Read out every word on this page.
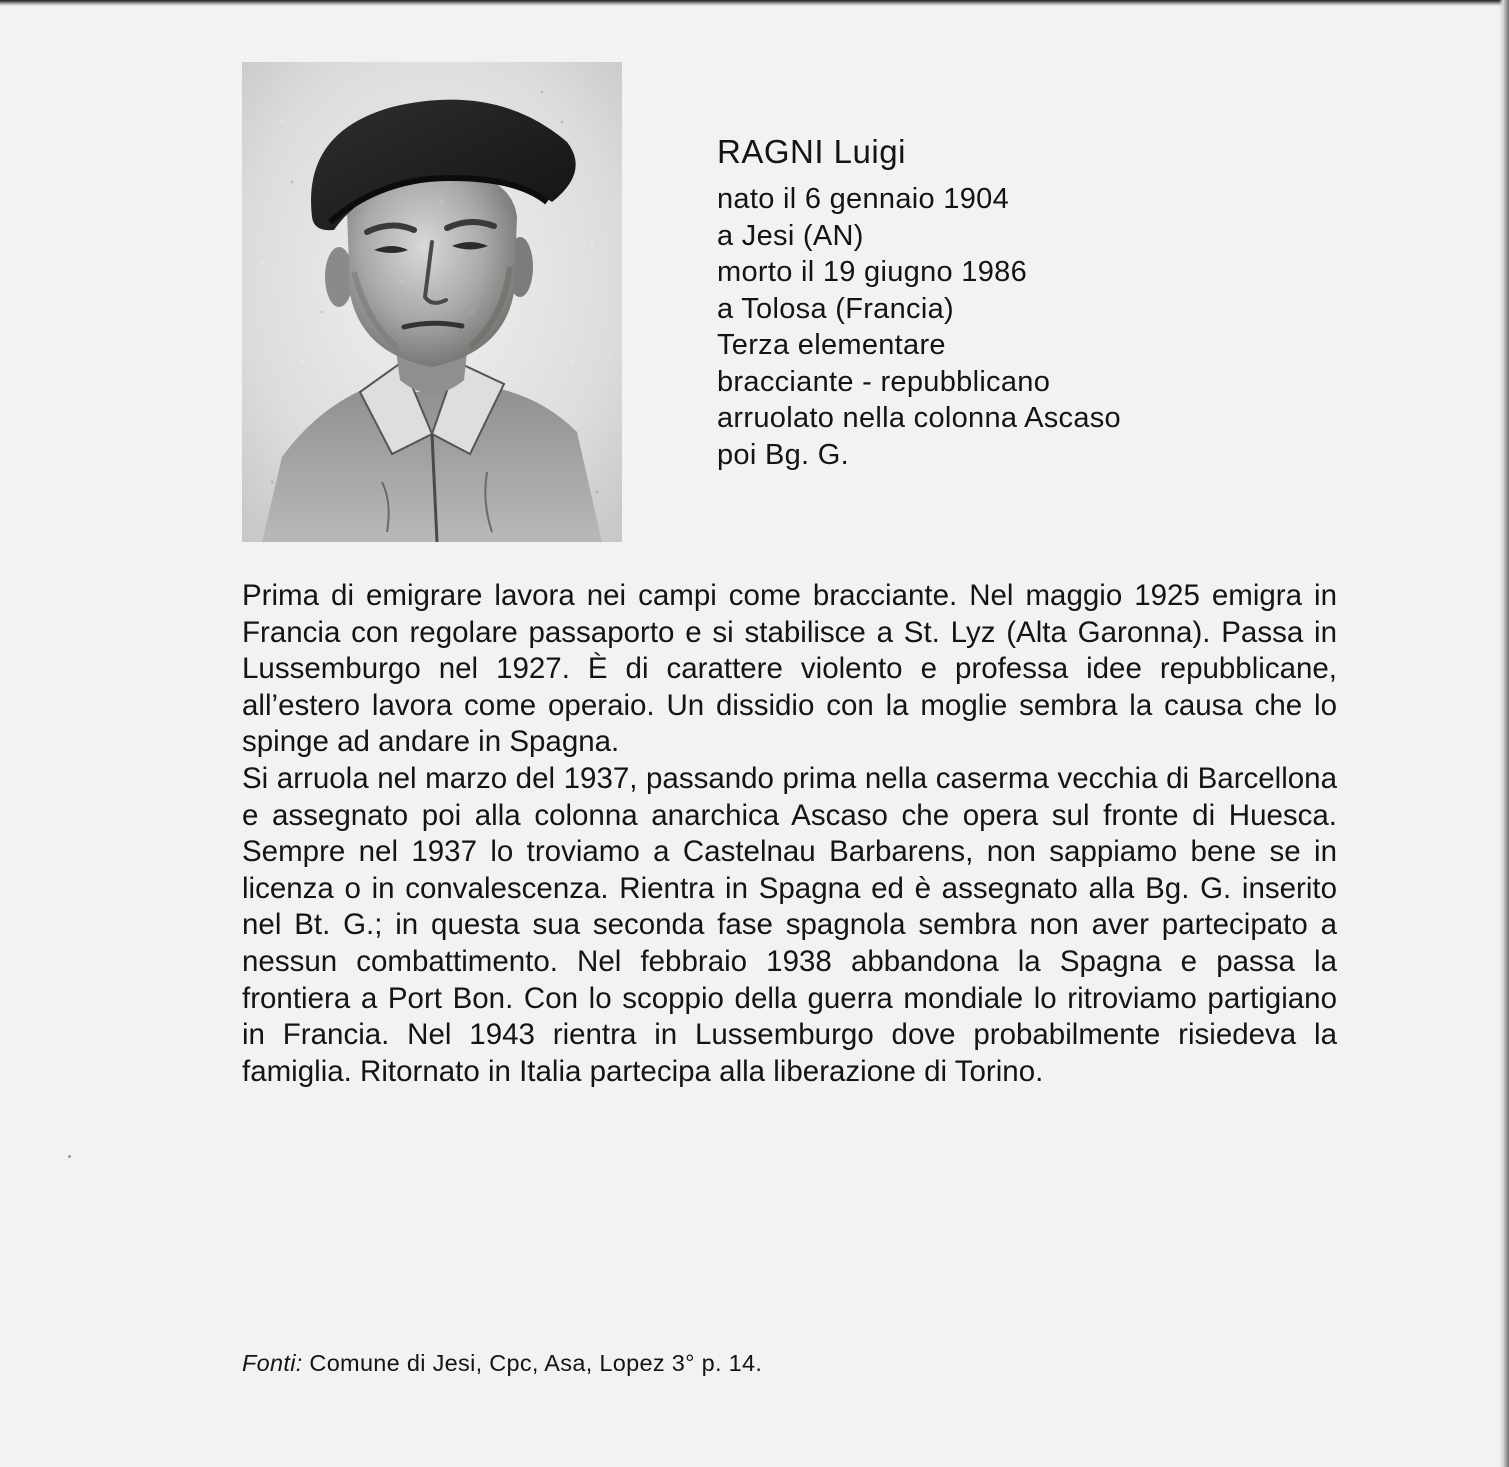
RAGNI Luigi
nato il 6 gennaio 1904
a Jesi (AN)
morto il 19 giugno 1986
a Tolosa (Francia)
Terza elementare
bracciante - repubblicano
arruolato nella colonna Ascaso
poi Bg. G.

Prima di emigrare lavora nei campi come bracciante. Nel maggio 1925 emigra in Francia con regolare passaporto e si stabilisce a St. Lyz (Alta Garonna). Passa in Lussemburgo nel 1927. È di carattere violento e professa idee repubblicane, all’estero lavora come operaio. Un dissidio con la moglie sembra la causa che lo spinge ad andare in Spagna.

Si arruola nel marzo del 1937, passando prima nella caserma vecchia di Barcellona e assegnato poi alla colonna anarchica Ascaso che opera sul fronte di Huesca. Sempre nel 1937 lo troviamo a Castelnau Barbarens, non sappiamo bene se in licenza o in convalescenza. Rientra in Spagna ed è assegnato alla Bg. G. inserito nel Bt. G.; in questa sua seconda fase spagnola sembra non aver partecipato a nessun combattimento. Nel febbraio 1938 abbandona la Spagna e passa la frontiera a Port Bon. Con lo scoppio della guerra mondiale lo ritroviamo partigiano in Francia. Nel 1943 rientra in Lussemburgo dove probabilmente risiedeva la famiglia. Ritornato in Italia partecipa alla liberazione di Torino.

Fonti: Comune di Jesi, Cpc, Asa, Lopez 3° p. 14.
